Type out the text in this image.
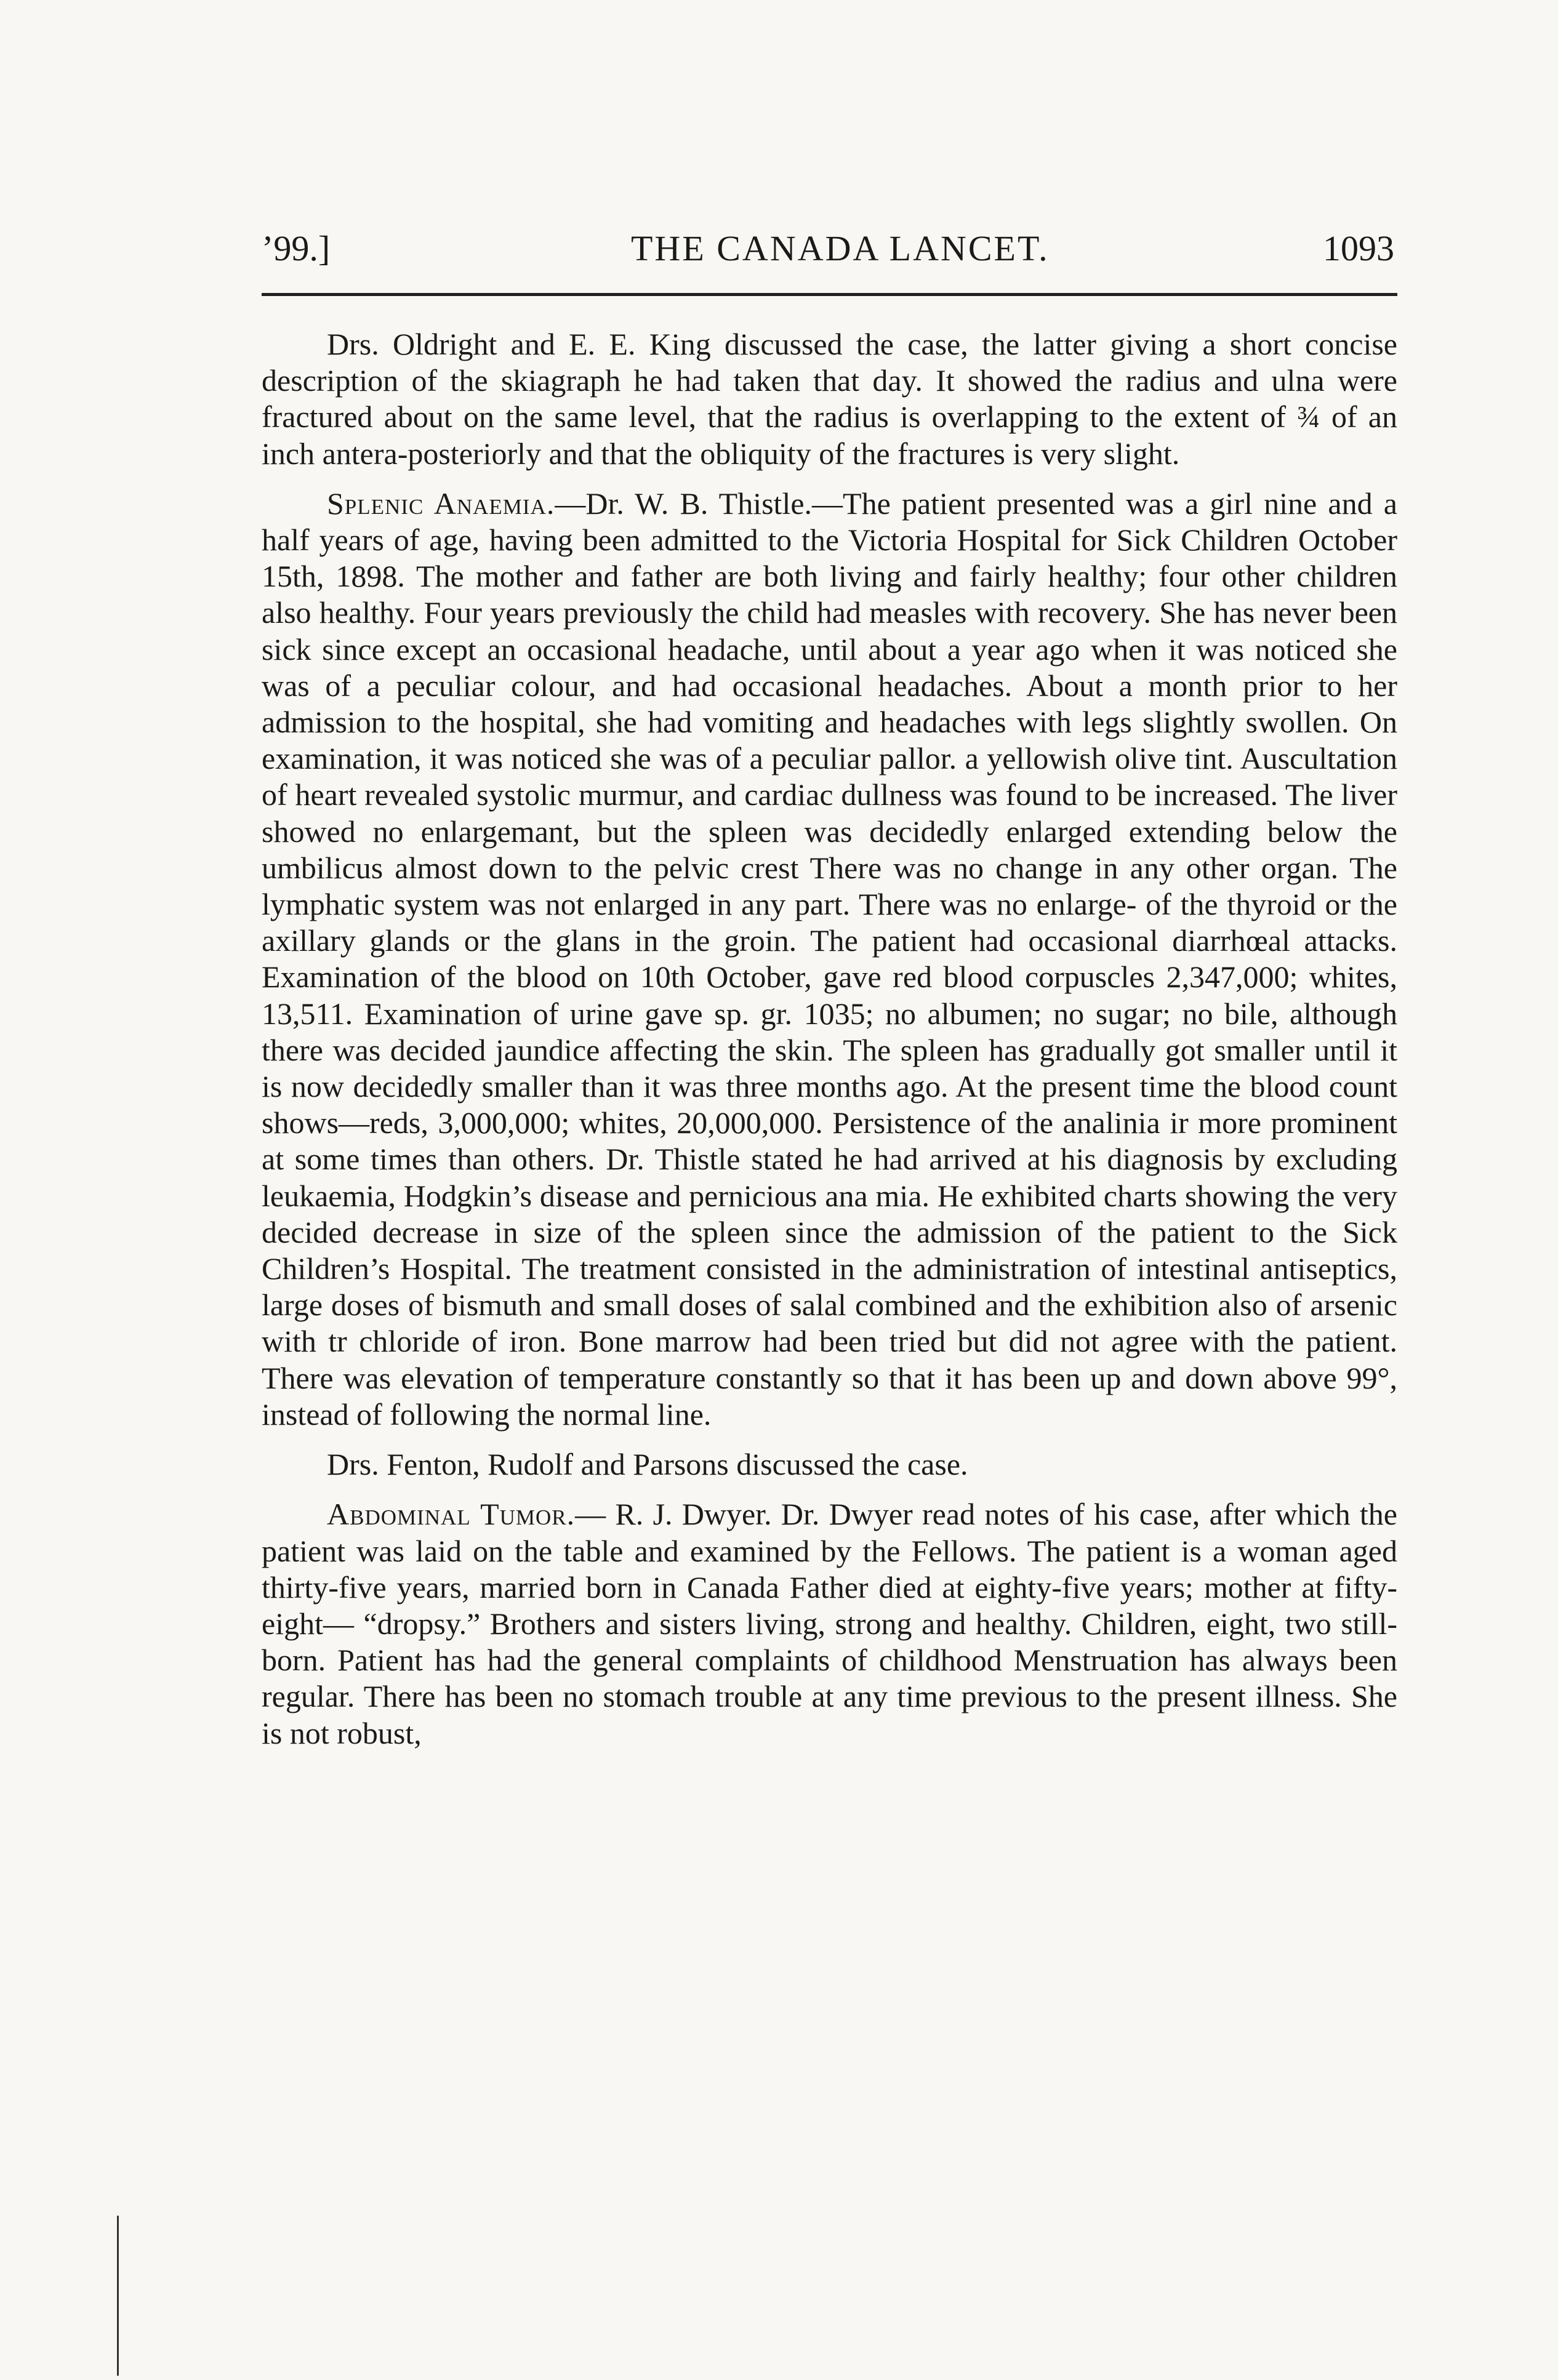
’99.]	THE CANADA LANCET.	1093

Drs. Oldright and E. E. King discussed the case, the latter giving a short concise description of the skiagraph he had taken that day. It showed the radius and ulna were fractured about on the same level, that the radius is overlapping to the extent of ¾ of an inch antera-posteriorly and that the obliquity of the fractures is very slight.

Splenic Anaemia.—Dr. W. B. Thistle.—The patient presented was a girl nine and a half years of age, having been admitted to the Victoria Hospital for Sick Children October 15th, 1898. The mother and father are both living and fairly healthy; four other children also healthy. Four years previously the child had measles with recovery. She has never been sick since except an occasional headache, until about a year ago when it was noticed she was of a peculiar colour, and had occasional headaches. About a month prior to her admission to the hospital, she had vomiting and headaches with legs slightly swollen. On examination, it was noticed she was of a peculiar pallor. a yellowish olive tint. Auscultation of heart revealed systolic murmur, and cardiac dullness was found to be increased. The liver showed no enlargemant, but the spleen was decidedly enlarged extending below the umbilicus almost down to the pelvic crest There was no change in any other organ. The lymphatic system was not enlarged in any part. There was no enlarge- of the thyroid or the axillary glands or the glans in the groin. The patient had occasional diarrhœal attacks. Examination of the blood on 10th October, gave red blood corpuscles 2,347,000; whites, 13,511. Examination of urine gave sp. gr. 1035; no albumen; no sugar; no bile, although there was decided jaundice affecting the skin. The spleen has gradually got smaller until it is now decidedly smaller than it was three months ago. At the present time the blood count shows—reds, 3,000,000; whites, 20,000,000. Persistence of the analinia ir more prominent at some times than others. Dr. Thistle stated he had arrived at his diagnosis by excluding leukaemia, Hodgkin’s disease and pernicious ana mia. He exhibited charts showing the very decided decrease in size of the spleen since the admission of the patient to the Sick Children’s Hospital. The treatment consisted in the administration of intestinal antiseptics, large doses of bismuth and small doses of salal combined and the exhibition also of arsenic with tr chloride of iron. Bone marrow had been tried but did not agree with the patient. There was elevation of temperature constantly so that it has been up and down above 99°, instead of following the normal line.

Drs. Fenton, Rudolf and Parsons discussed the case.

Abdominal Tumor.— R. J. Dwyer. Dr. Dwyer read notes of his case, after which the patient was laid on the table and examined by the Fellows. The patient is a woman aged thirty-five years, married born in Canada Father died at eighty-five years; mother at fifty-eight— “dropsy.” Brothers and sisters living, strong and healthy. Children, eight, two still-born. Patient has had the general complaints of childhood Menstruation has always been regular. There has been no stomach trouble at any time previous to the present illness. She is not robust,
